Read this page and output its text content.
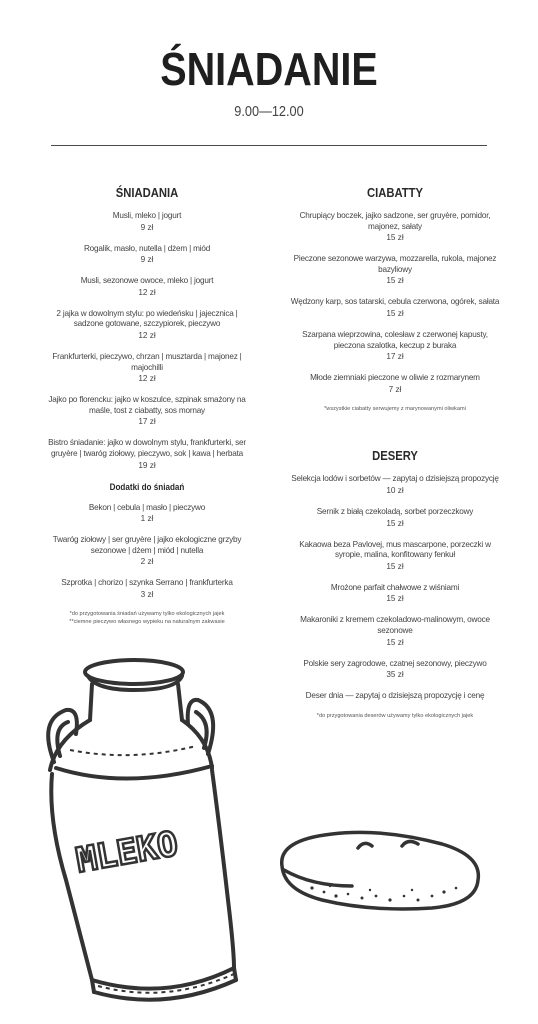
ŚNIADANIE
9.00—12.00
ŚNIADANIA
Musli, mleko | jogurt
9 zł
Rogalik, masło, nutella | dżem | miód
9 zł
Musli, sezonowe owoce, mleko | jogurt
12 zł
2 jajka w dowolnym stylu: po wiedeńsku | jajecznica | sadzone gotowane, szczypiorek, pieczywo
12 zł
Frankfurterki, pieczywo, chrzan | musztarda | majonez | majochilli
12 zł
Jajko po florencku: jajko w koszulce, szpinak smażony na maśle, tost z ciabatty, sos mornay
17 zł
Bistro śniadanie: jajko w dowolnym stylu, frankfurterki, ser gruyère | twaróg ziołowy, pieczywo, sok | kawa | herbata
19 zł
Dodatki do śniadań
Bekon | cebula | masło | pieczywo
1 zł
Twaróg ziołowy | ser gruyère | jajko ekologiczne grzyby sezonowe | dżem | miód | nutella
2 zł
Szprotka | chorizo | szynka Serrano | frankfurterka
3 zł
*do przygotowania śniadań używamy tylko ekologicznych jajek
**ciemne pieczywo własnego wypieku na naturalnym zakwasie
CIABATTY
Chrupiący boczek, jajko sadzone, ser gruyère, pomidor, majonez, sałaty
15 zł
Pieczone sezonowe warzywa, mozzarella, rukola, majonez bazyliowy
15 zł
Wędzony karp, sos tatarski, cebula czerwona, ogórek, sałata
15 zł
Szarpana wieprzowina, colesław z czerwonej kapusty, pieczona szalotka, keczup z buraka
17 zł
Młode ziemniaki pieczone w oliwie z rozmarynem
7 zł
*wszystkie ciabatty serwujemy z marynowanymi oliwkami
DESERY
Selekcja lodów i sorbetów — zapytaj o dzisiejszą propozycję
10 zł
Sernik z białą czekoladą, sorbet porzeczkowy
15 zł
Kakaowa beza Pavlovej, mus mascarpone, porzeczki w syropie, malina, konfitowany fenkuł
15 zł
Mrożone parfait chałwowe z wiśniami
15 zł
Makaroniki z kremem czekoladowo-malinowym, owoce sezonowe
15 zł
Polskie sery zagrodowe, czatnej sezonowy, pieczywo
35 zł
Deser dnia — zapytaj o dzisiejszą propozycję i cenę
*do przygotowania deserów używamy tylko ekologicznych jajek
MLEKO
